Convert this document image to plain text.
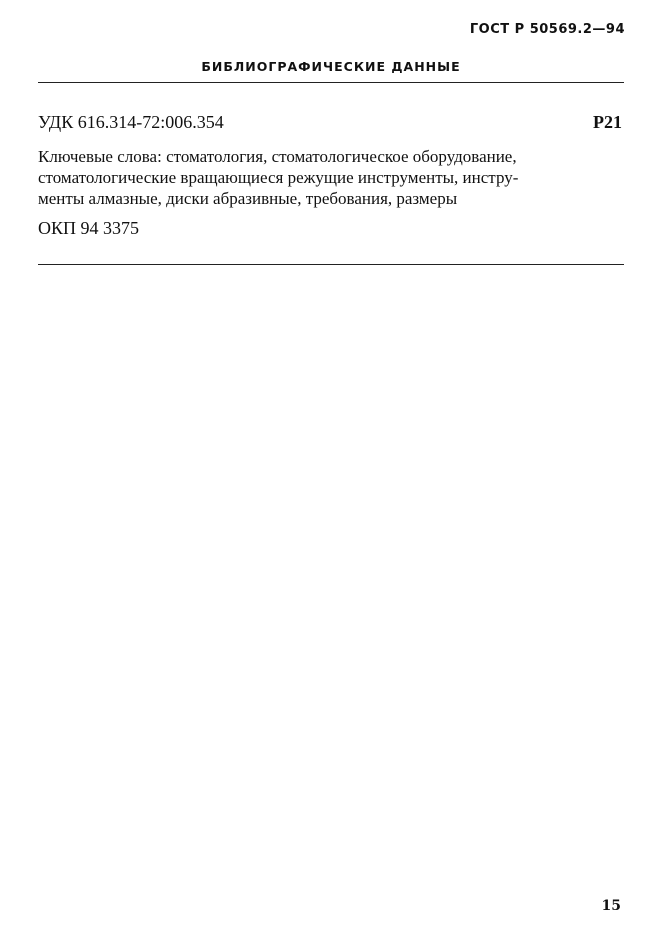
ГОСТ Р 50569.2—94
БИБЛИОГРАФИЧЕСКИЕ ДАННЫЕ
УДК 616.314-72:006.354	Р21
Ключевые слова: стоматология, стоматологическое оборудование,
стоматологические вращающиеся режущие инструменты, инстру-
менты алмазные, диски абразивные, требования, размеры
ОКП 94 3375
15
